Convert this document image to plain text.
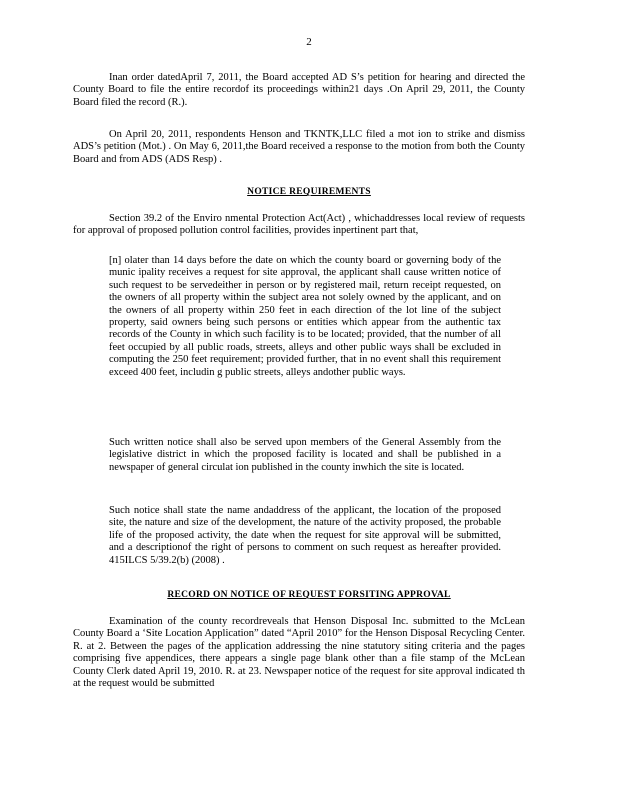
2

Inan order datedApril 7, 2011, the Board accepted AD S’s petition for hearing and directed the County Board to file the entire recordof its proceedings within21 days .On April 29, 2011, the County Board filed the record (R.).

On April 20, 2011, respondents Henson and TKNTK,LLC filed a mot ion to strike and dismiss ADS’s petition (Mot.) . On May 6, 2011,the Board received a response to the motion from both the County Board and from ADS (ADS Resp) .

NOTICE REQUIREMENTS

Section 39.2 of the Enviro nmental Protection Act(Act) , whichaddresses local review of requests for approval of proposed pollution control facilities, provides inpertinent part that,

[n] olater than 14 days before the date on which the county board or governing body of the munic ipality receives a request for site approval, the applicant shall cause written notice of such request to be servedeither in person or by registered mail, return receipt requested, on the owners of all property within the subject area not solely owned by the applicant, and on the owners of all property within 250 feet in each direction of the lot line of the subject property, said owners being such persons or entities which appear from the authentic tax records of the County in which such facility is to be located; provided, that the number of all feet occupied by all public roads, streets, alleys and other public ways shall be excluded in computing the 250 feet requirement; provided further, that in no event shall this requirement exceed 400 feet, includin g public streets, alleys andother public ways.

Such written notice shall also be served upon members of the General Assembly from the legislative district in which the proposed facility is located and shall be published in a newspaper of general circulat ion published in the county inwhich the site is located.

Such notice shall state the name andaddress of the applicant, the location of the proposed site, the nature and size of the development, the nature of the activity proposed, the probable life of the proposed activity, the date when the request for site approval will be submitted, and a descriptionof the right of persons to comment on such request as hereafter provided. 415ILCS 5/39.2(b) (2008) .

RECORD ON NOTICE OF REQUEST FORSITING APPROVAL

Examination of the county recordreveals that Henson Disposal Inc. submitted to the McLean County Board a ‘Site Location Application” dated “April 2010” for the Henson Disposal Recycling Center. R. at 2. Between the pages of the application addressing the nine statutory siting criteria and the pages comprising five appendices, there appears a single page blank other than a file stamp of the McLean County Clerk dated April 19, 2010. R. at 23. Newspaper notice of the request for site approval indicated th at the request would be submitted
